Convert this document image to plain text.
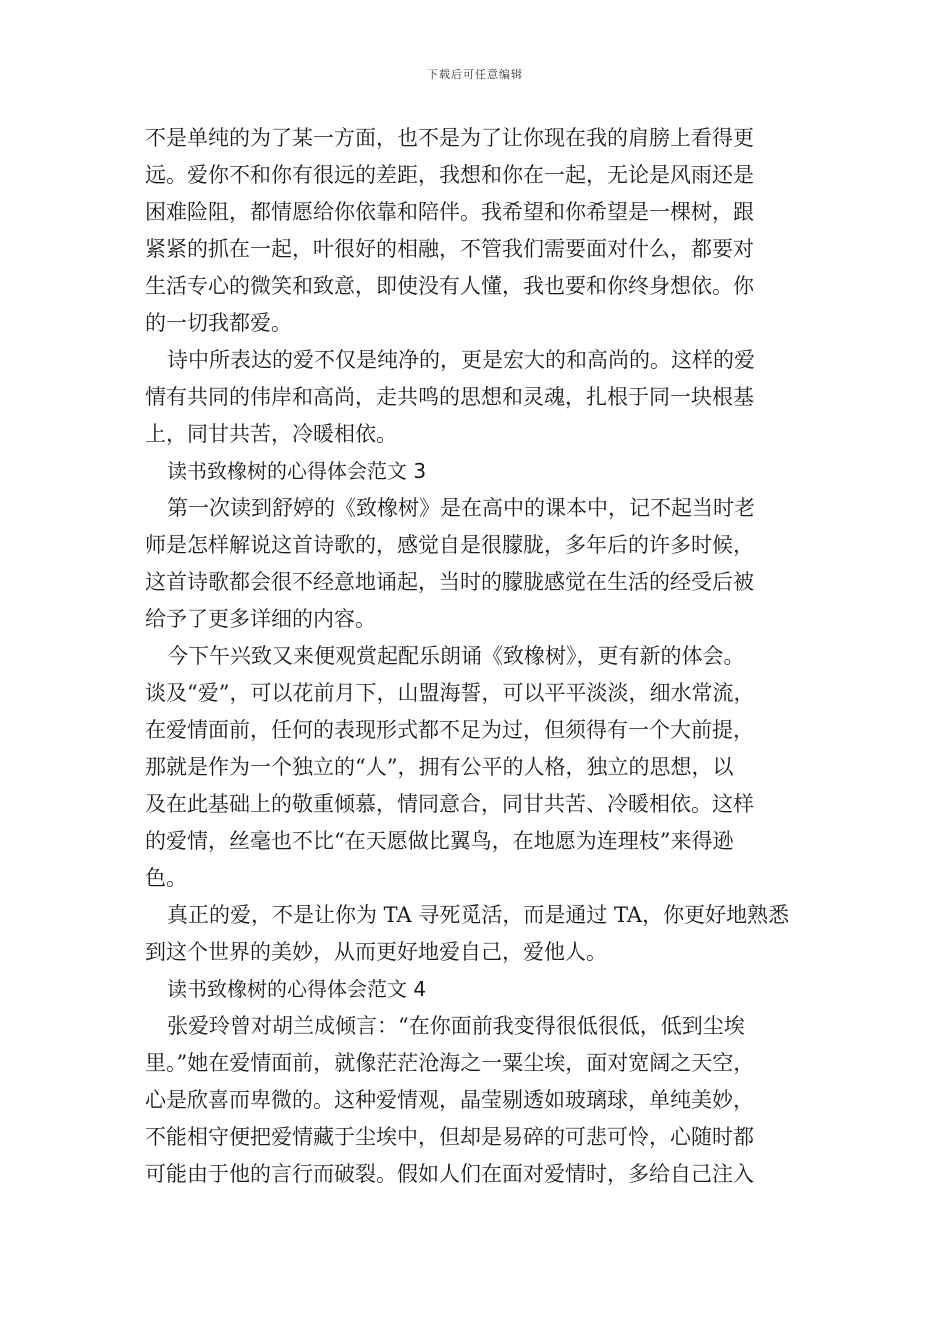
下载后可任意编辑
不是单纯的为了某一方面，也不是为了让你现在我的肩膀上看得更
远。爱你不和你有很远的差距，我想和你在一起，无论是风雨还是
困难险阻，都情愿给你依靠和陪伴。我希望和你希望是一棵树，跟
紧紧的抓在一起，叶很好的相融，不管我们需要面对什么，都要对
生活专心的微笑和致意，即使没有人懂，我也要和你终身想依。你
的一切我都爱。
诗中所表达的爱不仅是纯净的，更是宏大的和高尚的。这样的爱
情有共同的伟岸和高尚，走共鸣的思想和灵魂，扎根于同一块根基
上，同甘共苦，冷暖相依。
读书致橡树的心得体会范文 3
第一次读到舒婷的《致橡树》是在高中的课本中，记不起当时老
师是怎样解说这首诗歌的，感觉自是很朦胧，多年后的许多时候，
这首诗歌都会很不经意地诵起，当时的朦胧感觉在生活的经受后被
给予了更多详细的内容。
今下午兴致又来便观赏起配乐朗诵《致橡树》，更有新的体会。
谈及“爱”，可以花前月下，山盟海誓，可以平平淡淡，细水常流，
在爱情面前，任何的表现形式都不足为过，但须得有一个大前提，
那就是作为一个独立的“人”，拥有公平的人格，独立的思想，以
及在此基础上的敬重倾慕，情同意合，同甘共苦、冷暖相依。这样
的爱情，丝毫也不比“在天愿做比翼鸟，在地愿为连理枝”来得逊
色。
真正的爱，不是让你为 TA 寻死觅活，而是通过 TA，你更好地熟悉
到这个世界的美妙，从而更好地爱自己，爱他人。
读书致橡树的心得体会范文 4
张爱玲曾对胡兰成倾言：“在你面前我变得很低很低，低到尘埃
里。”她在爱情面前，就像茫茫沧海之一粟尘埃，面对宽阔之天空，
心是欣喜而卑微的。这种爱情观，晶莹剔透如玻璃球，单纯美妙，
不能相守便把爱情藏于尘埃中，但却是易碎的可悲可怜，心随时都
可能由于他的言行而破裂。假如人们在面对爱情时，多给自己注入
